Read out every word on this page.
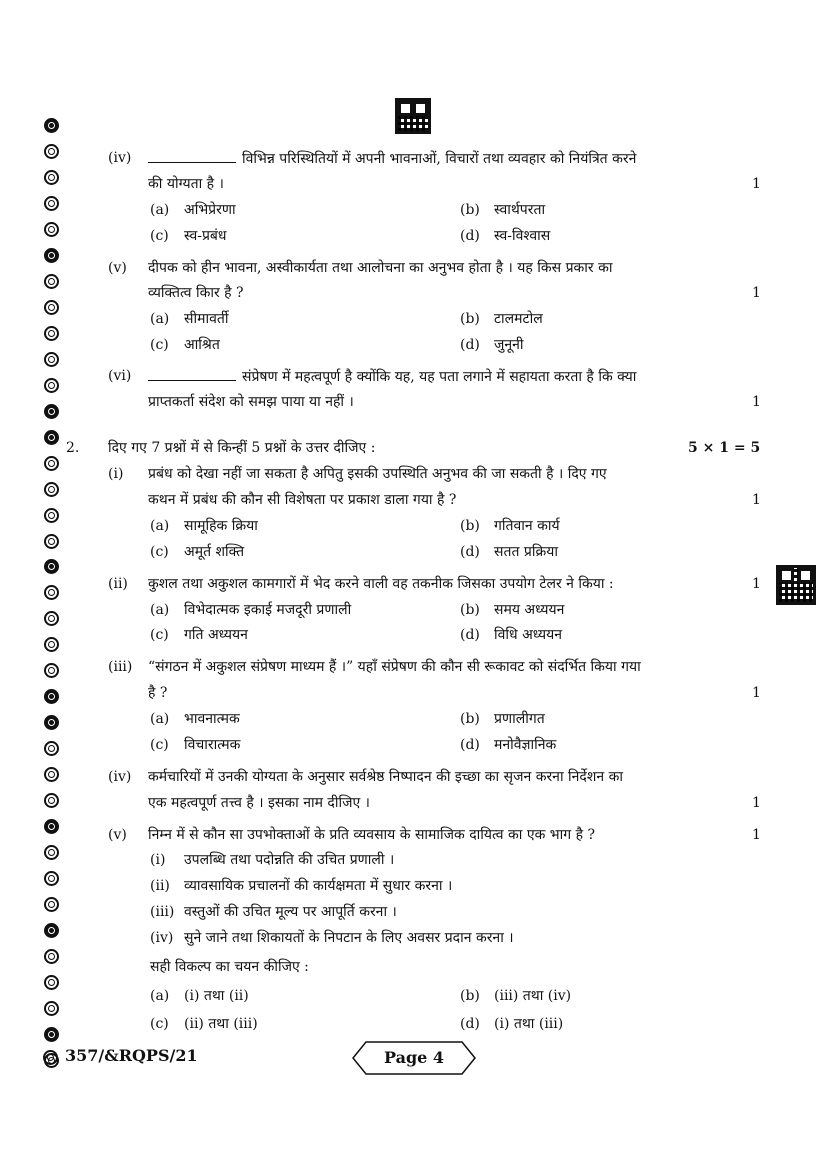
(iv)	विभिन्न परिस्थितियों में अपनी भावनाओं, विचारों तथा व्यवहार को नियंत्रित करने
की योग्यता है ।	1
(a) अभिप्रेरणा	(b) स्वार्थपरता
(c) स्व-प्रबंध	(d) स्व-विश्वास
(v) दीपक को हीन भावना, अस्वीकार्यता तथा आलोचना का अनुभव होता है । यह किस प्रकार का
व्यक्तित्व किार है ?	1
(a) सीमावर्ती	(b) टालमटोल
(c) आश्रित	(d) जुनूनी
(vi)	संप्रेषण में महत्वपूर्ण है क्योंकि यह, यह पता लगाने में सहायता करता है कि क्या
प्राप्तकर्ता संदेश को समझ पाया या नहीं ।	1
2. दिए गए 7 प्रश्नों में से किन्हीं 5 प्रश्नों के उत्तर दीजिए :	5 × 1 = 5
(i) प्रबंध को देखा नहीं जा सकता है अपितु इसकी उपस्थिति अनुभव की जा सकती है । दिए गए
कथन में प्रबंध की कौन सी विशेषता पर प्रकाश डाला गया है ?	1
(a) सामूहिक क्रिया	(b) गतिवान कार्य
(c) अमूर्त शक्ति	(d) सतत प्रक्रिया
(ii) कुशल तथा अकुशल कामगारों में भेद करने वाली वह तकनीक जिसका उपयोग टेलर ने किया :	1
(a) विभेदात्मक इकाई मजदूरी प्रणाली	(b) समय अध्ययन
(c) गति अध्ययन	(d) विधि अध्ययन
(iii) “संगठन में अकुशल संप्रेषण माध्यम हैं ।” यहाँ संप्रेषण की कौन सी रूकावट को संदर्भित किया गया
है ?	1
(a) भावनात्मक	(b) प्रणालीगत
(c) विचारात्मक	(d) मनोवैज्ञानिक
(iv) कर्मचारियों में उनकी योग्यता के अनुसार सर्वश्रेष्ठ निष्पादन की इच्छा का सृजन करना निर्देशन का
एक महत्वपूर्ण तत्त्व है । इसका नाम दीजिए ।	1
(v) निम्न में से कौन सा उपभोक्ताओं के प्रति व्यवसाय के सामाजिक दायित्व का एक भाग है ?	1
(i) उपलब्धि तथा पदोन्नति की उचित प्रणाली ।
(ii) व्यावसायिक प्रचालनों की कार्यक्षमता में सुधार करना ।
(iii) वस्तुओं की उचित मूल्य पर आपूर्ति करना ।
(iv) सुने जाने तथा शिकायतों के निपटान के लिए अवसर प्रदान करना ।
सही विकल्प का चयन कीजिए :
(a) (i) तथा (ii)	(b) (iii) तथा (iv)
(c) (ii) तथा (iii)	(d) (i) तथा (iii)
357/&RQPS/21	Page 4
